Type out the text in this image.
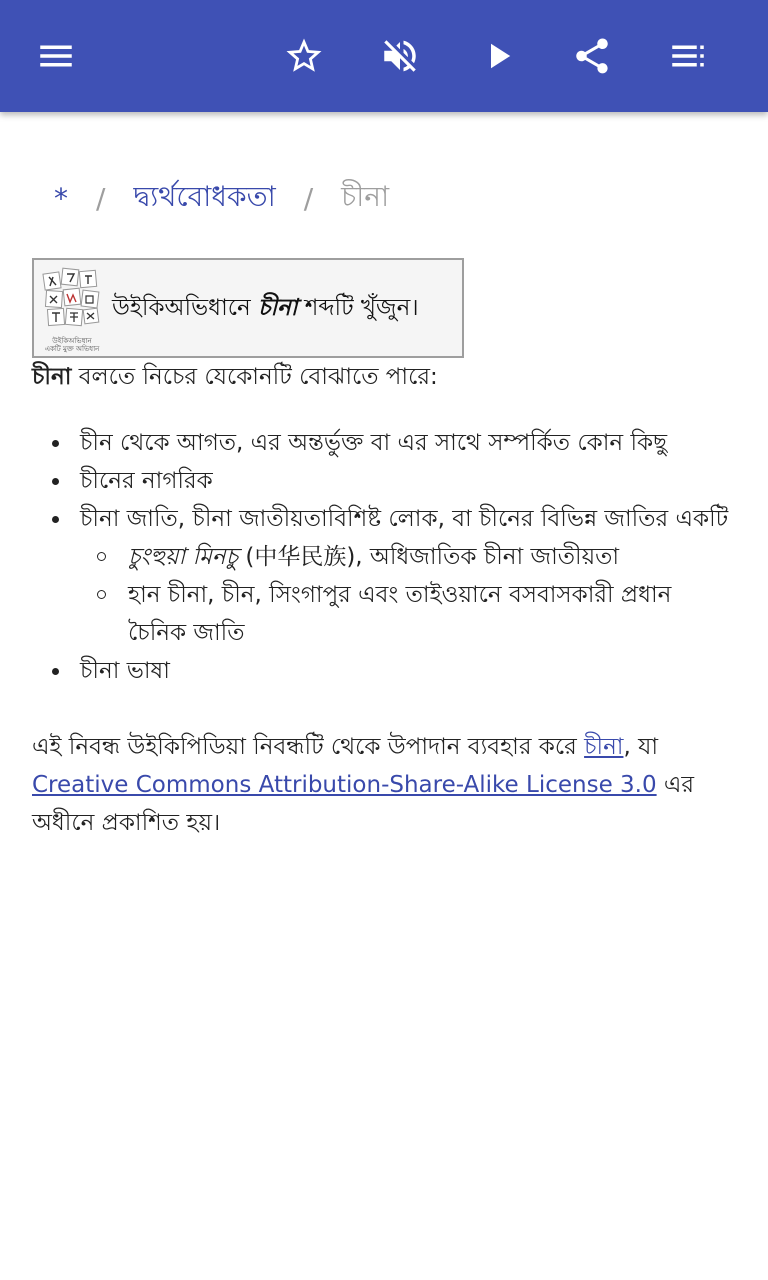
* / দ্ব্যর্থবোধকতা / চীনা
উইকিঅভিধান
একটি মুক্ত অভিধান
উইকিঅভিধানে চীনা শব্দটি খুঁজুন।
চীনা বলতে নিচের যেকোনটি বোঝাতে পারে:
চীন থেকে আগত, এর অন্তর্ভুক্ত বা এর সাথে সম্পর্কিত কোন কিছু
চীনের নাগরিক
চীনা জাতি, চীনা জাতীয়তাবিশিষ্ট লোক, বা চীনের বিভিন্ন জাতির একটি
চুংহুয়া মিনচু (中华民族), অধিজাতিক চীনা জাতীয়তা
হান চীনা, চীন, সিংগাপুর এবং তাইওয়ানে বসবাসকারী প্রধান চৈনিক জাতি
চীনা ভাষা
এই নিবন্ধ উইকিপিডিয়া নিবন্ধটি থেকে উপাদান ব্যবহার করে চীনা, যা Creative Commons Attribution-Share-Alike License 3.0 এর অধীনে প্রকাশিত হয়।
